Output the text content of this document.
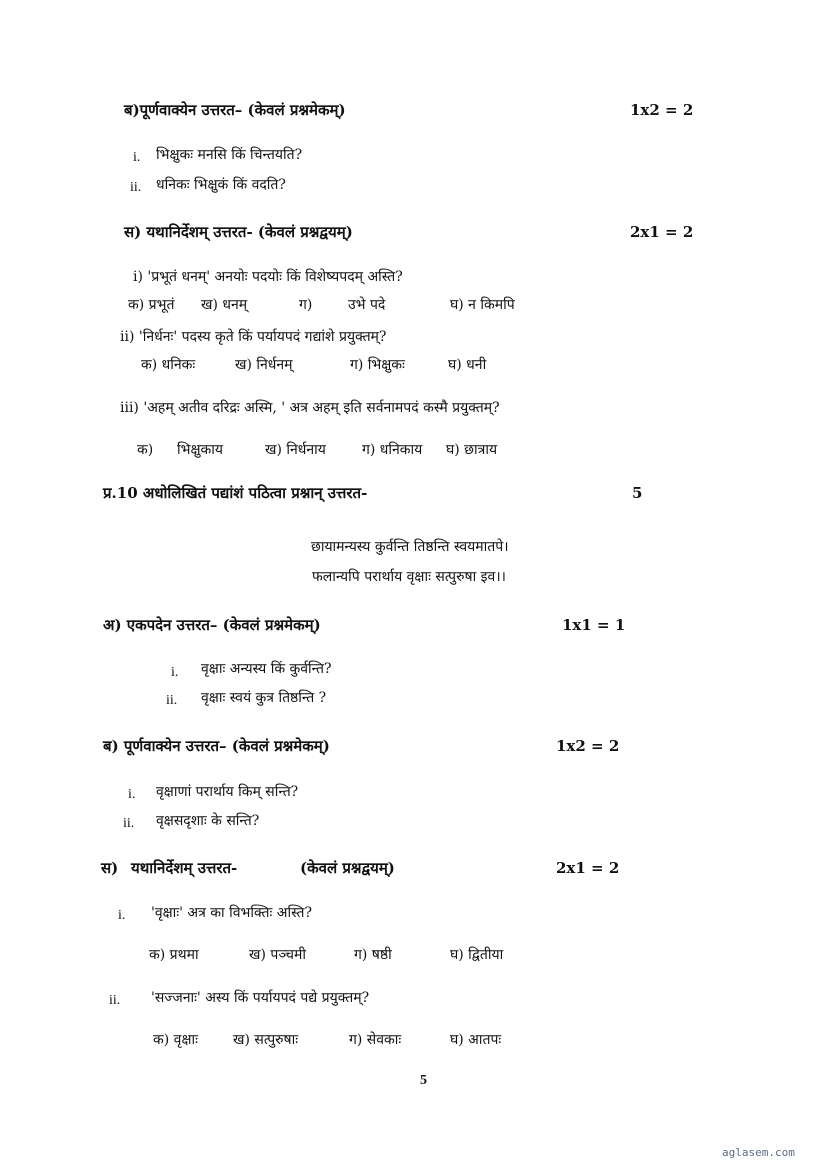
ब)पूर्णवाक्येन उत्तरत– (केवलं प्रश्नमेकम्)	1x2 = 2
i. भिक्षुकः मनसि किं चिन्तयति?
ii. धनिकः भिक्षुकं किं वदति?
स) यथानिर्देशम् उत्तरत- (केवलं प्रश्नद्वयम्)	2x1 = 2
i) 'प्रभूतं धनम्' अनयोः पदयोः किं विशेष्यपदम् अस्ति?
क) प्रभूतं ख) धनम्	ग)	उभे पदे	घ) न किमपि
ii) 'निर्धनः' पदस्य कृते किं पर्यायपदं गद्यांशे प्रयुक्तम्?
क) धनिकः	ख) निर्धनम्	ग) भिक्षुकः	घ) धनी
iii) 'अहम् अतीव दरिद्रः अस्मि, ' अत्र अहम् इति सर्वनामपदं कस्मै प्रयुक्तम्?
क) भिक्षुकाय	ख) निर्धनाय	ग) धनिकाय घ) छात्राय
प्र.10 अधोलिखितं पद्यांशं पठित्वा प्रश्नान् उत्तरत-	5
छायामन्यस्य कुर्वन्ति तिष्ठन्ति स्वयमातपे।
फलान्यपि परार्थाय वृक्षाः सत्पुरुषा इव।।
अ) एकपदेन उत्तरत– (केवलं प्रश्नमेकम्)	1x1 = 1
i. वृक्षाः अन्यस्य किं कुर्वन्ति?
ii. वृक्षाः स्वयं कुत्र तिष्ठन्ति ?
ब) पूर्णवाक्येन उत्तरत– (केवलं प्रश्नमेकम्)	1x2 = 2
i. वृक्षाणां परार्थाय किम् सन्ति?
ii. वृक्षसदृशाः के सन्ति?
स) यथानिर्देशम् उत्तरत-	(केवलं प्रश्नद्वयम्)	2x1 = 2
i. 'वृक्षाः' अत्र का विभक्तिः अस्ति?
क) प्रथमा	ख) पञ्चमी	ग) षष्ठी	घ) द्वितीया
ii. 'सज्जनाः' अस्य किं पर्यायपदं पद्ये प्रयुक्तम्?
क) वृक्षाः	ख) सत्पुरुषाः	ग) सेवकाः	घ) आतपः
5
aglasem.com
